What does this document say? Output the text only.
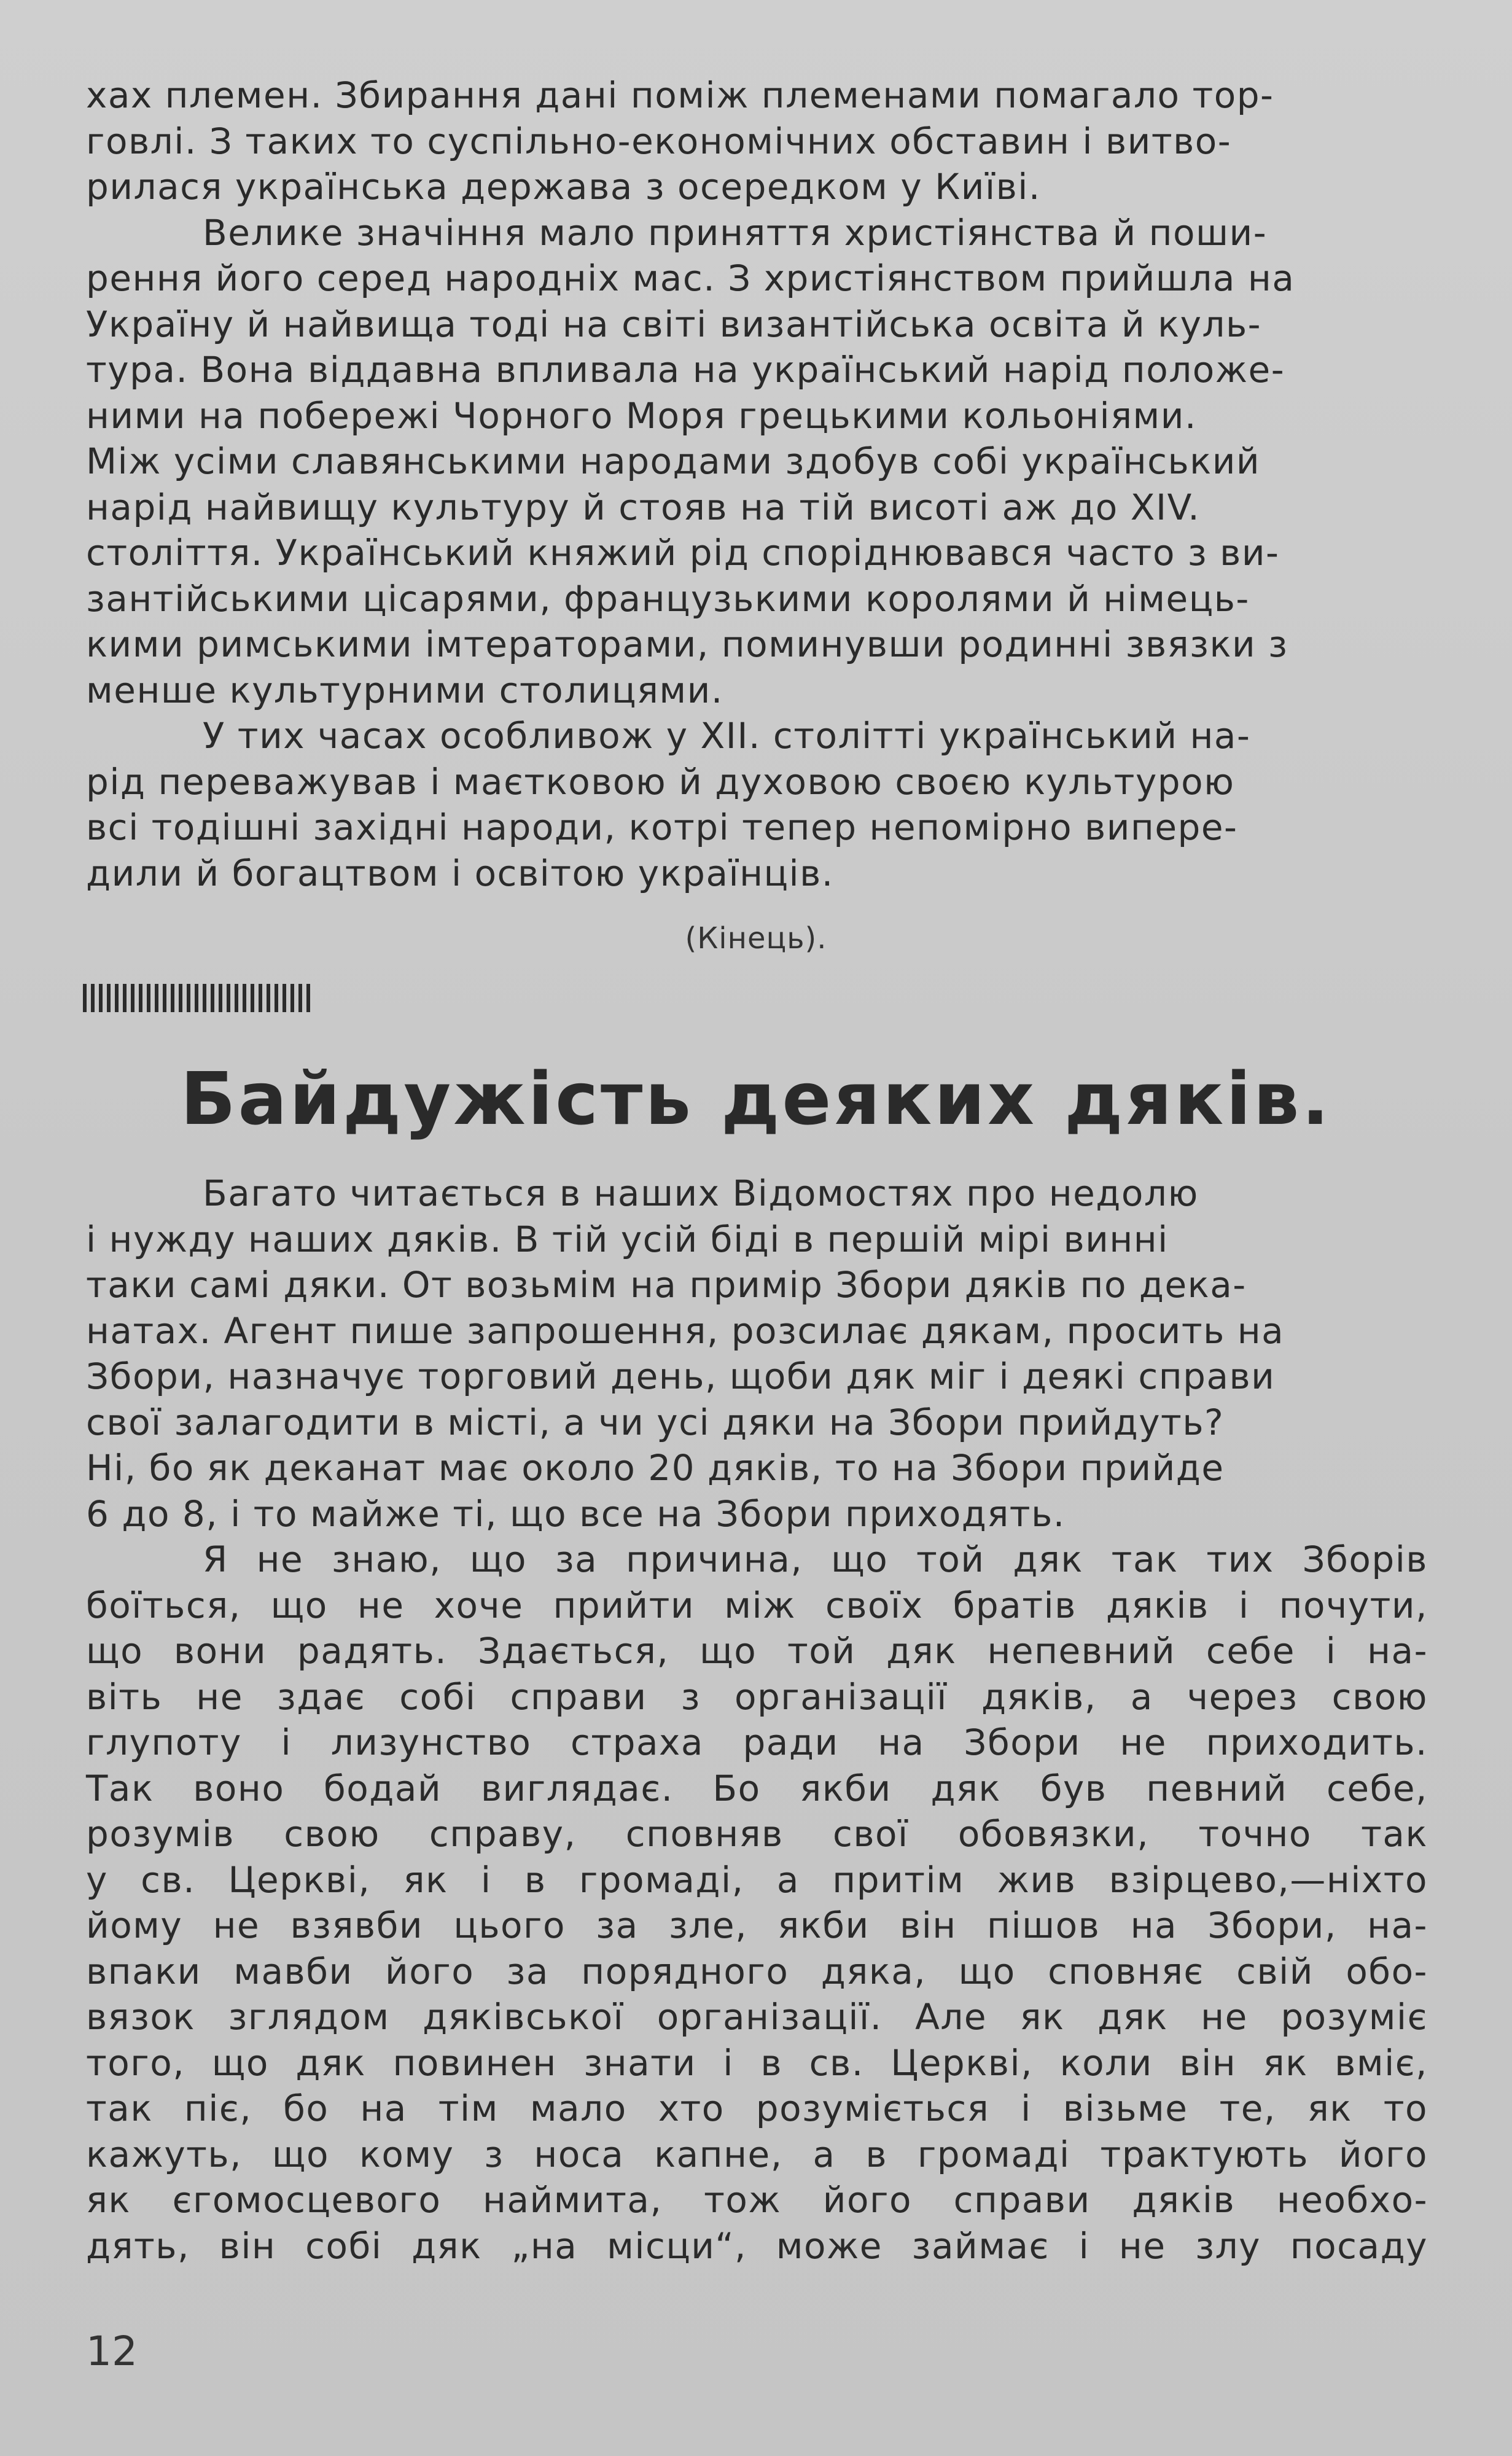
хах племен. Збирання дані поміж племенами помагало тор-
говлі. З таких то суспільно-економічних обставин і витво-
рилася українська держава з осередком у Київі.

Велике значіння мало приняття христіянства й поши-
рення його серед народніх мас. З христіянством прийшла на
Україну й найвища тоді на світі византійська освіта й куль-
тура. Вона віддавна впливала на український нарід положе-
ними на побережі Чорного Моря грецькими кольоніями.
Між усіми славянськими народами здобув собі український
нарід найвищу культуру й стояв на тій висоті аж до XIV.
століття. Український княжий рід споріднювався часто з ви-
зантійськими цісарями, французькими королями й німець-
кими римськими імтераторами, поминувши родинні звязки з
менше культурними столицями.

У тих часах особливож у XII. столітті український на-
рід переважував і маєтковою й духовою своєю культурою
всі тодішні західні народи, котрі тепер непомірно випере-
дили й богацтвом і освітою українців.

(Кінець).
Байдужість деяких дяків.

Багато читається в наших Відомостях про недолю
і нужду наших дяків. В тій усій біді в першій мірі винні
таки самі дяки. От возьмім на примір Збори дяків по дека-
натах. Агент пише запрошення, розсилає дякам, просить на
Збори, назначує торговий день, щоби дяк міг і деякі справи
свої залагодити в місті, а чи усі дяки на Збори прийдуть?
Ні, бо як деканат має около 20 дяків, то на Збори прийде
6 до 8, і то майже ті, що все на Збори приходять.

Я не знаю, що за причина, що той дяк так тих Зборів
боїться, що не хоче прийти між своїх братів дяків і почути,
що вони радять. Здається, що той дяк непевний себе і на-
віть не здає собі справи з організації дяків, а через свою
глупоту і лизунство страха ради на Збори не приходить.
Так воно бодай виглядає. Бо якби дяк був певний себе,
розумів свою справу, сповняв свої обовязки, точно так
у св. Церкві, як і в громаді, а притім жив взірцево,—ніхто
йому не взявби цього за зле, якби він пішов на Збори, на-
впаки мавби його за порядного дяка, що сповняє свій обо-
вязок зглядом дяківської організації. Але як дяк не розуміє
того, що дяк повинен знати і в св. Церкві, коли він як вміє,
так піє, бо на тім мало хто розуміється і візьме те, як то
кажуть, що кому з носа капне, а в громаді трактують його
як єгомосцевого наймита, тож його справи дяків необхо-
дять, він собі дяк „на місци“, може займає і не злу посаду

12
